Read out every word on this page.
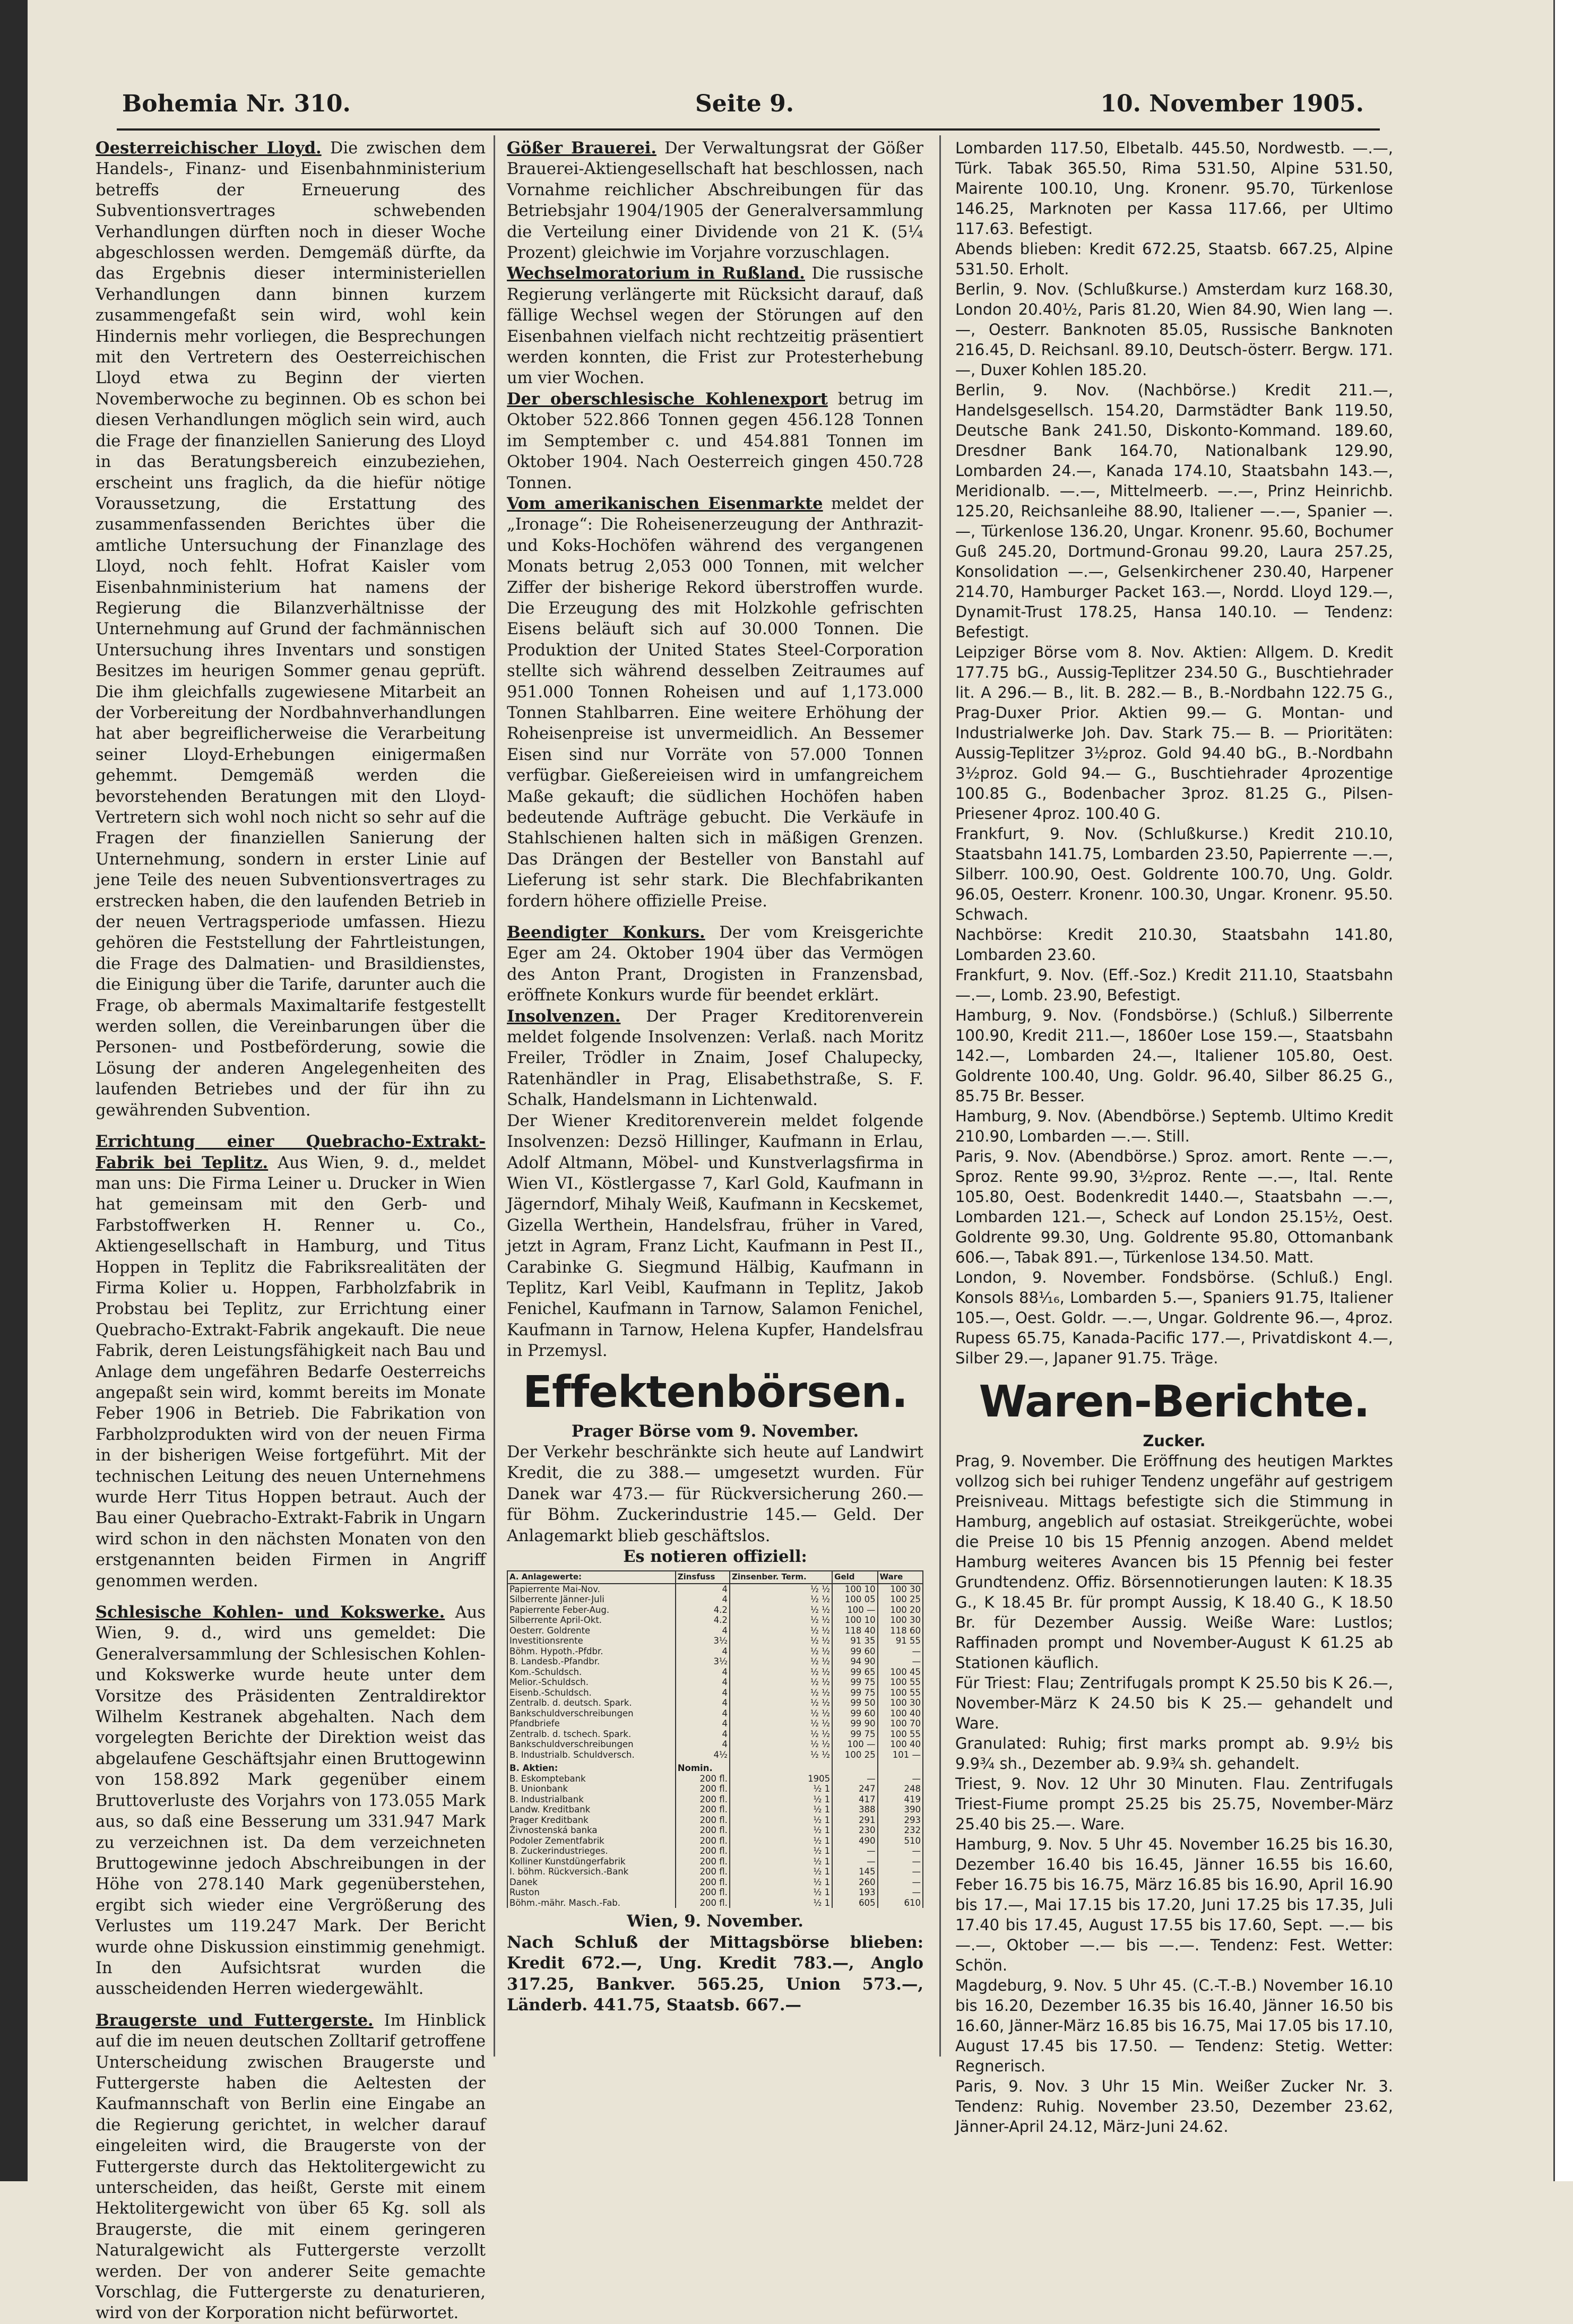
Bohemia Nr. 310.	Seite 9.	10. November 1905.

Oesterreichischer Lloyd. Die zwischen dem Handels-, Finanz- und Eisenbahnministerium betreffs der Erneuerung des Subventionsvertrages schwebenden Verhandlungen dürften noch in dieser Woche abgeschlossen werden. Demgemäß dürfte, da das Ergebnis dieser interministeriellen Verhandlungen dann binnen kurzem zusammengefaßt sein wird, wohl kein Hindernis mehr vorliegen, die Besprechungen mit den Vertretern des Oesterreichischen Lloyd etwa zu Beginn der vierten Novemberwoche zu beginnen. Ob es schon bei diesen Verhandlungen möglich sein wird, auch die Frage der finanziellen Sanierung des Lloyd in das Beratungsbereich einzubeziehen, erscheint uns fraglich, da die hiefür nötige Voraussetzung, die Erstattung des zusammenfassenden Berichtes über die amtliche Untersuchung der Finanzlage des Lloyd, noch fehlt. Hofrat Kaisler vom Eisenbahnministerium hat namens der Regierung die Bilanzverhältnisse der Unternehmung auf Grund der fachmännischen Untersuchung ihres Inventars und sonstigen Besitzes im heurigen Sommer genau geprüft. Die ihm gleichfalls zugewiesene Mitarbeit an der Vorbereitung der Nordbahnverhandlungen hat aber begreiflicherweise die Verarbeitung seiner Lloyd-Erhebungen einigermaßen gehemmt. Demgemäß werden die bevorstehenden Beratungen mit den Lloyd-Vertretern sich wohl noch nicht so sehr auf die Fragen der finanziellen Sanierung der Unternehmung, sondern in erster Linie auf jene Teile des neuen Subventionsvertrages zu erstrecken haben, die den laufenden Betrieb in der neuen Vertragsperiode umfassen. Hiezu gehören die Feststellung der Fahrtleistungen, die Frage des Dalmatien- und Brasildienstes, die Einigung über die Tarife, darunter auch die Frage, ob abermals Maximaltarife festgestellt werden sollen, die Vereinbarungen über die Personen- und Postbeförderung, sowie die Lösung der anderen Angelegenheiten des laufenden Betriebes und der für ihn zu gewährenden Subvention.

Errichtung einer Quebracho-Extrakt-Fabrik bei Teplitz. Aus Wien, 9. d., meldet man uns: Die Firma Leiner u. Drucker in Wien hat gemeinsam mit den Gerb- und Farbstoffwerken H. Renner u. Co., Aktiengesellschaft in Hamburg, und Titus Hoppen in Teplitz die Fabriksrealitäten der Firma Kolier u. Hoppen, Farbholzfabrik in Probstau bei Teplitz, zur Errichtung einer Quebracho-Extrakt-Fabrik angekauft. Die neue Fabrik, deren Leistungsfähigkeit nach Bau und Anlage dem ungefähren Bedarfe Oesterreichs angepaßt sein wird, kommt bereits im Monate Feber 1906 in Betrieb. Die Fabrikation von Farbholzprodukten wird von der neuen Firma in der bisherigen Weise fortgeführt. Mit der technischen Leitung des neuen Unternehmens wurde Herr Titus Hoppen betraut. Auch der Bau einer Quebracho-Extrakt-Fabrik in Ungarn wird schon in den nächsten Monaten von den erstgenannten beiden Firmen in Angriff genommen werden.

Schlesische Kohlen- und Kokswerke. Aus Wien, 9. d., wird uns gemeldet: Die Generalversammlung der Schlesischen Kohlen- und Kokswerke wurde heute unter dem Vorsitze des Präsidenten Zentraldirektor Wilhelm Kestranek abgehalten. Nach dem vorgelegten Berichte der Direktion weist das abgelaufene Geschäftsjahr einen Bruttogewinn von 158.892 Mark gegenüber einem Bruttoverluste des Vorjahrs von 173.055 Mark aus, so daß eine Besserung um 331.947 Mark zu verzeichnen ist. Da dem verzeichneten Bruttogewinne jedoch Abschreibungen in der Höhe von 278.140 Mark gegenüberstehen, ergibt sich wieder eine Vergrößerung des Verlustes um 119.247 Mark. Der Bericht wurde ohne Diskussion einstimmig genehmigt. In den Aufsichtsrat wurden die ausscheidenden Herren wiedergewählt.

Braugerste und Futtergerste. Im Hinblick auf die im neuen deutschen Zolltarif getroffene Unterscheidung zwischen Braugerste und Futtergerste haben die Aeltesten der Kaufmannschaft von Berlin eine Eingabe an die Regierung gerichtet, in welcher darauf eingeleiten wird, die Braugerste von der Futtergerste durch das Hektolitergewicht zu unterscheiden, das heißt, Gerste mit einem Hektolitergewicht von über 65 Kg. soll als Braugerste, die mit einem geringeren Naturalgewicht als Futtergerste verzollt werden. Der von anderer Seite gemachte Vorschlag, die Futtergerste zu denaturieren, wird von der Korporation nicht befürwortet.

Gößer Brauerei. Der Verwaltungsrat der Gößer Brauerei-Aktiengesellschaft hat beschlossen, nach Vornahme reichlicher Abschreibungen für das Betriebsjahr 1904/1905 der Generalversammlung die Verteilung einer Dividende von 21 K. (5¼ Prozent) gleichwie im Vorjahre vorzuschlagen.

Wechselmoratorium in Rußland. Die russische Regierung verlängerte mit Rücksicht darauf, daß fällige Wechsel wegen der Störungen auf den Eisenbahnen vielfach nicht rechtzeitig präsentiert werden konnten, die Frist zur Protesterhebung um vier Wochen.

Der oberschlesische Kohlenexport betrug im Oktober 522.866 Tonnen gegen 456.128 Tonnen im Semptember c. und 454.881 Tonnen im Oktober 1904. Nach Oesterreich gingen 450.728 Tonnen.

Vom amerikanischen Eisenmarkte meldet der „Ironage“: Die Roheisenerzeugung der Anthrazit- und Koks-Hochöfen während des vergangenen Monats betrug 2,053 000 Tonnen, mit welcher Ziffer der bisherige Rekord überstroffen wurde. Die Erzeugung des mit Holzkohle gefrischten Eisens beläuft sich auf 30.000 Tonnen. Die Produktion der United States Steel-Corporation stellte sich während desselben Zeitraumes auf 951.000 Tonnen Roheisen und auf 1,173.000 Tonnen Stahlbarren. Eine weitere Erhöhung der Roheisenpreise ist unvermeidlich. An Bessemer Eisen sind nur Vorräte von 57.000 Tonnen verfügbar. Gießereieisen wird in umfangreichem Maße gekauft; die südlichen Hochöfen haben bedeutende Aufträge gebucht. Die Verkäufe in Stahlschienen halten sich in mäßigen Grenzen. Das Drängen der Besteller von Banstahl auf Lieferung ist sehr stark. Die Blechfabrikanten fordern höhere offizielle Preise.

Beendigter Konkurs. Der vom Kreisgerichte Eger am 24. Oktober 1904 über das Vermögen des Anton Prant, Drogisten in Franzensbad, eröffnete Konkurs wurde für beendet erklärt.

Insolvenzen. Der Prager Kreditorenverein meldet folgende Insolvenzen: Verlaß. nach Moritz Freiler, Trödler in Znaim, Josef Chalupecky, Ratenhändler in Prag, Elisabethstraße, S. F. Schalk, Handelsmann in Lichtenwald.

Der Wiener Kreditorenverein meldet folgende Insolvenzen: Dezsö Hillinger, Kaufmann in Erlau, Adolf Altmann, Möbel- und Kunstverlagsfirma in Wien VI., Köstlergasse 7, Karl Gold, Kaufmann in Jägerndorf, Mihaly Weiß, Kaufmann in Kecskemet, Gizella Werthein, Handelsfrau, früher in Vared, jetzt in Agram, Franz Licht, Kaufmann in Pest II., Carabinke G. Siegmund Hälbig, Kaufmann in Teplitz, Karl Veibl, Kaufmann in Teplitz, Jakob Fenichel, Kaufmann in Tarnow, Salamon Fenichel, Kaufmann in Tarnow, Helena Kupfer, Handelsfrau in Przemysl.

Effektenbörsen.
Prager Börse vom 9. November.

Der Verkehr beschränkte sich heute auf Landwirt Kredit, die zu 388.— umgesetzt wurden. Für Danek war 473.— für Rückversicherung 260.— für Böhm. Zuckerindustrie 145.— Geld. Der Anlagemarkt blieb geschäftslos.

Es notieren offiziell:
A. Anlagewerte:	Zinsfuss	Zinsenber. Term.	Geld	Ware
Papierrente Mai-Nov.	4	½ ½	100 10	100 30
Silberrente Jänner-Juli	4	½ ½	100 05	100 25
Papierrente Feber-Aug.	4.2	½ ½	100 —	100 20
Silberrente April-Okt.	4.2	½ ½	100 10	100 30
Oesterr. Goldrente	4	½ ½	118 40	118 60
Investitionsrente	3½	½ ½	91 35	91 55
Böhm. Hypoth.-Pfdbr.	4	½ ½	99 60	—
B. Landesb.-Pfandbr.	3½	½ ½	94 90	—
Kom.-Schuldsch.	4	½ ½	99 65	100 45
Melior.-Schuldsch.	4	½ ½	99 75	100 55
Eisenb.-Schuldsch.	4	½ ½	99 75	100 55
Zentralb. d. deutsch. Spark.	4	½ ½	99 50	100 30
Bankschuldverschreibungen	4	½ ½	99 60	100 40
Pfandbriefe	4	½ ½	99 90	100 70
Zentralb. d. tschech. Spark.	4	½ ½	99 75	100 55
Bankschuldverschreibungen	4	½ ½	100 —	100 40
B. Industrialb. Schuldversch.	4½	½ ½	100 25	101 —
B. Aktien:	Nomin.			
B. Eskomptebank	200 fl.	1905	—	—
B. Unionbank	200 fl.	½ 1	247	248
B. Industrialbank	200 fl.	½ 1	417	419
Landw. Kreditbank	200 fl.	½ 1	388	390
Prager Kreditbank	200 fl.	½ 1	291	293
Živnostenská banka	200 fl.	½ 1	230	232
Podoler Zementfabrik	200 fl.	½ 1	490	510
B. Zuckerindustrieges.	200 fl.	½ 1	—	—
Kolliner Kunstdüngerfabrik	200 fl.	½ 1	—	—
I. böhm. Rückversich.-Bank	200 fl.	½ 1	145	—
Danek	200 fl.	½ 1	260	—
Ruston	200 fl.	½ 1	193	—
Böhm.-mähr. Masch.-Fab.	200 fl.	½ 1	605	610
Wien, 9. November.

Nach Schluß der Mittagsbörse blieben: Kredit 672.—, Ung. Kredit 783.—, Anglo 317.25, Bankver. 565.25, Union 573.—, Länderb. 441.75, Staatsb. 667.—

Lombarden 117.50, Elbetalb. 445.50, Nordwestb. —.—, Türk. Tabak 365.50, Rima 531.50, Alpine 531.50, Mairente 100.10, Ung. Kronenr. 95.70, Türkenlose 146.25, Marknoten per Kassa 117.66, per Ultimo 117.63. Befestigt.

Abends blieben: Kredit 672.25, Staatsb. 667.25, Alpine 531.50. Erholt.

Berlin, 9. Nov. (Schlußkurse.) Amsterdam kurz 168.30, London 20.40½, Paris 81.20, Wien 84.90, Wien lang —.—, Oesterr. Banknoten 85.05, Russische Banknoten 216.45, D. Reichsanl. 89.10, Deutsch-österr. Bergw. 171.—, Duxer Kohlen 185.20.

Berlin, 9. Nov. (Nachbörse.) Kredit 211.—, Handelsgesellsch. 154.20, Darmstädter Bank 119.50, Deutsche Bank 241.50, Diskonto-Kommand. 189.60, Dresdner Bank 164.70, Nationalbank 129.90, Lombarden 24.—, Kanada 174.10, Staatsbahn 143.—, Meridionalb. —.—, Mittelmeerb. —.—, Prinz Heinrichb. 125.20, Reichsanleihe 88.90, Italiener —.—, Spanier —.—, Türkenlose 136.20, Ungar. Kronenr. 95.60, Bochumer Guß 245.20, Dortmund-Gronau 99.20, Laura 257.25, Konsolidation —.—, Gelsenkirchener 230.40, Harpener 214.70, Hamburger Packet 163.—, Nordd. Lloyd 129.—, Dynamit-Trust 178.25, Hansa 140.10. — Tendenz: Befestigt.

Leipziger Börse vom 8. Nov. Aktien: Allgem. D. Kredit 177.75 bG., Aussig-Teplitzer 234.50 G., Buschtiehrader lit. A 296.— B., lit. B. 282.— B., B.-Nordbahn 122.75 G., Prag-Duxer Prior. Aktien 99.— G. Montan- und Industrialwerke Joh. Dav. Stark 75.— B. — Prioritäten: Aussig-Teplitzer 3½proz. Gold 94.40 bG., B.-Nordbahn 3½proz. Gold 94.— G., Buschtiehrader 4prozentige 100.85 G., Bodenbacher 3proz. 81.25 G., Pilsen-Priesener 4proz. 100.40 G.

Frankfurt, 9. Nov. (Schlußkurse.) Kredit 210.10, Staatsbahn 141.75, Lombarden 23.50, Papierrente —.—, Silberr. 100.90, Oest. Goldrente 100.70, Ung. Goldr. 96.05, Oesterr. Kronenr. 100.30, Ungar. Kronenr. 95.50. Schwach.

Nachbörse: Kredit 210.30, Staatsbahn 141.80, Lombarden 23.60.

Frankfurt, 9. Nov. (Eff.-Soz.) Kredit 211.10, Staatsbahn —.—, Lomb. 23.90, Befestigt.

Hamburg, 9. Nov. (Fondsbörse.) (Schluß.) Silberrente 100.90, Kredit 211.—, 1860er Lose 159.—, Staatsbahn 142.—, Lombarden 24.—, Italiener 105.80, Oest. Goldrente 100.40, Ung. Goldr. 96.40, Silber 86.25 G., 85.75 Br. Besser.

Hamburg, 9. Nov. (Abendbörse.) Septemb. Ultimo Kredit 210.90, Lombarden —.—. Still.

Paris, 9. Nov. (Abendbörse.) Sproz. amort. Rente —.—, Sproz. Rente 99.90, 3½proz. Rente —.—, Ital. Rente 105.80, Oest. Bodenkredit 1440.—, Staatsbahn —.—, Lombarden 121.—, Scheck auf London 25.15½, Oest. Goldrente 99.30, Ung. Goldrente 95.80, Ottomanbank 606.—, Tabak 891.—, Türkenlose 134.50. Matt.

London, 9. November. Fondsbörse. (Schluß.) Engl. Konsols 88⅟₁₆, Lombarden 5.—, Spaniers 91.75, Italiener 105.—, Oest. Goldr. —.—, Ungar. Goldrente 96.—, 4proz. Rupess 65.75, Kanada-Pacific 177.—, Privatdiskont 4.—, Silber 29.—, Japaner 91.75. Träge.

Waren-Berichte.
Zucker.

Prag, 9. November. Die Eröffnung des heutigen Marktes vollzog sich bei ruhiger Tendenz ungefähr auf gestrigem Preisniveau. Mittags befestigte sich die Stimmung in Hamburg, angeblich auf ostasiat. Streikgerüchte, wobei die Preise 10 bis 15 Pfennig anzogen. Abend meldet Hamburg weiteres Avancen bis 15 Pfennig bei fester Grundtendenz. Offiz. Börsennotierungen lauten: K 18.35 G., K 18.45 Br. für prompt Aussig, K 18.40 G., K 18.50 Br. für Dezember Aussig. Weiße Ware: Lustlos; Raffinaden prompt und November-August K 61.25 ab Stationen käuflich.

Für Triest: Flau; Zentrifugals prompt K 25.50 bis K 26.—, November-März K 24.50 bis K 25.— gehandelt und Ware.

Granulated: Ruhig; first marks prompt ab. 9.9½ bis 9.9¾ sh., Dezember ab. 9.9¾ sh. gehandelt.

Triest, 9. Nov. 12 Uhr 30 Minuten. Flau. Zentrifugals Triest-Fiume prompt 25.25 bis 25.75, November-März 25.40 bis 25.—. Ware.

Hamburg, 9. Nov. 5 Uhr 45. November 16.25 bis 16.30, Dezember 16.40 bis 16.45, Jänner 16.55 bis 16.60, Feber 16.75 bis 16.75, März 16.85 bis 16.90, April 16.90 bis 17.—, Mai 17.15 bis 17.20, Juni 17.25 bis 17.35, Juli 17.40 bis 17.45, August 17.55 bis 17.60, Sept. —.— bis —.—, Oktober —.— bis —.—. Tendenz: Fest. Wetter: Schön.

Magdeburg, 9. Nov. 5 Uhr 45. (C.-T.-B.) November 16.10 bis 16.20, Dezember 16.35 bis 16.40, Jänner 16.50 bis 16.60, Jänner-März 16.85 bis 16.75, Mai 17.05 bis 17.10, August 17.45 bis 17.50. — Tendenz: Stetig. Wetter: Regnerisch.

Paris, 9. Nov. 3 Uhr 15 Min. Weißer Zucker Nr. 3. Tendenz: Ruhig. November 23.50, Dezember 23.62, Jänner-April 24.12, März-Juni 24.62.
